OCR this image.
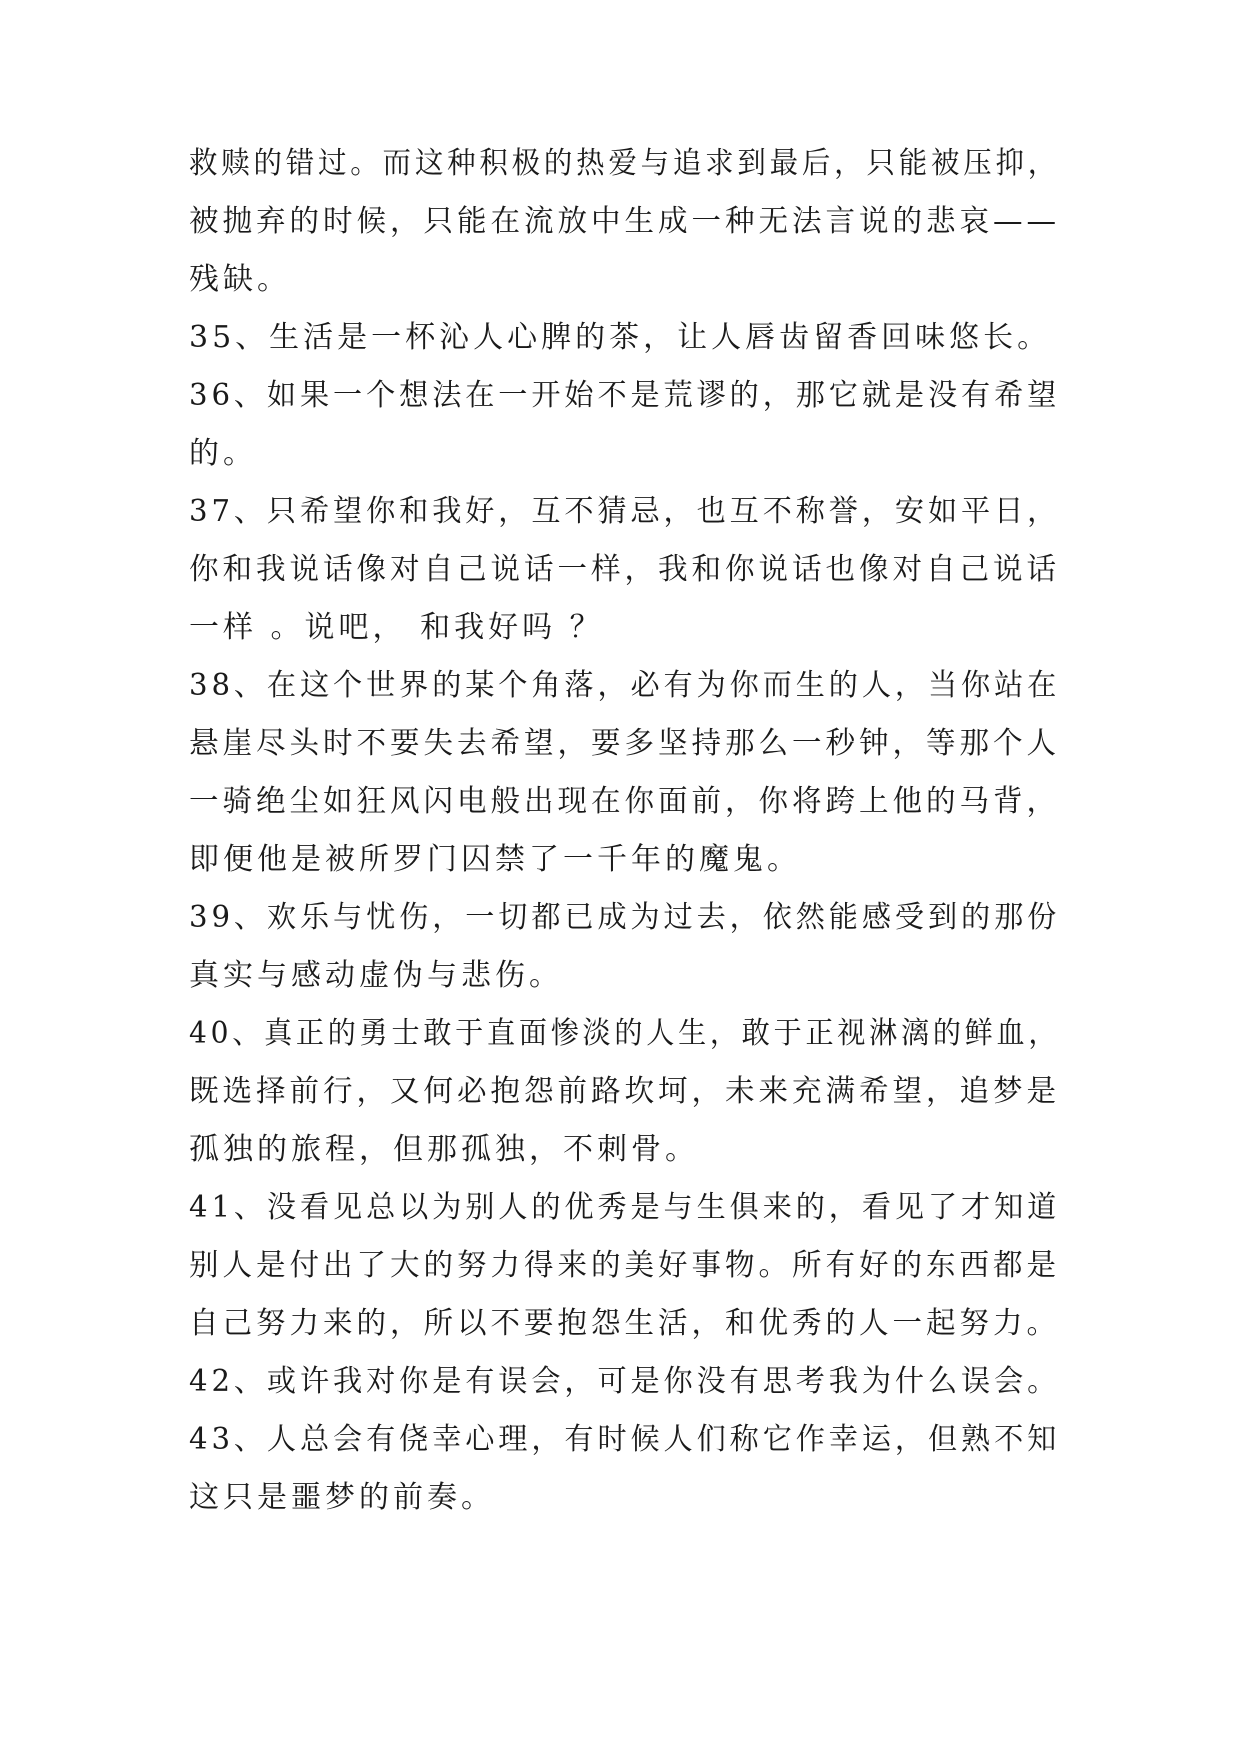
救赎的错过。而这种积极的热爱与追求到最后，只能被压抑，
被抛弃的时候，只能在流放中生成一种无法言说的悲哀——
残缺。
35、生活是一杯沁人心脾的茶，让人唇齿留香回味悠长。
36、如果一个想法在一开始不是荒谬的，那它就是没有希望
的。
37、只希望你和我好，互不猜忌，也互不称誉，安如平日，
你和我说话像对自己说话一样，我和你说话也像对自己说话
一样 。说吧， 和我好吗 ？
38、在这个世界的某个角落，必有为你而生的人，当你站在
悬崖尽头时不要失去希望，要多坚持那么一秒钟，等那个人
一骑绝尘如狂风闪电般出现在你面前，你将跨上他的马背，
即便他是被所罗门囚禁了一千年的魔鬼。
39、欢乐与忧伤，一切都已成为过去，依然能感受到的那份
真实与感动虚伪与悲伤。
40、真正的勇士敢于直面惨淡的人生，敢于正视淋漓的鲜血，
既选择前行，又何必抱怨前路坎坷，未来充满希望，追梦是
孤独的旅程，但那孤独，不刺骨。
41、没看见总以为别人的优秀是与生俱来的，看见了才知道
别人是付出了大的努力得来的美好事物。所有好的东西都是
自己努力来的，所以不要抱怨生活，和优秀的人一起努力。
42、或许我对你是有误会，可是你没有思考我为什么误会。
43、人总会有侥幸心理，有时候人们称它作幸运，但熟不知
这只是噩梦的前奏。
